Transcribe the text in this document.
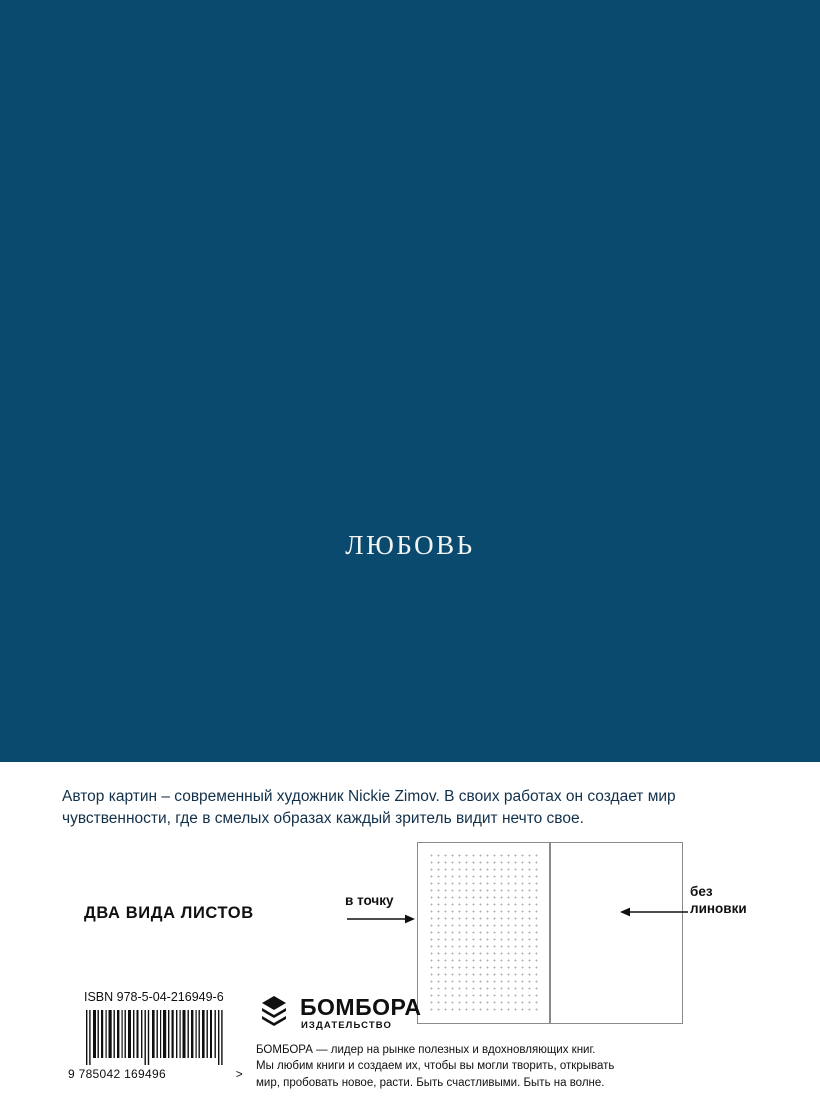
ЛЮБОВЬ
Автор картин – современный художник Nickie Zimov. В своих работах он создает мир чувственности, где в смелых образах каждый зритель видит нечто свое.
ДВА ВИДА ЛИСТОВ
в точку
без
линовки
ISBN 978-5-04-216949-6
9 785042 169496	>
БОМБОРА
ИЗДАТЕЛЬСТВО
БОМБОРА — лидер на рынке полезных и вдохновляющих книг.
Мы любим книги и создаем их, чтобы вы могли творить, открывать
мир, пробовать новое, расти. Быть счастливыми. Быть на волне.
